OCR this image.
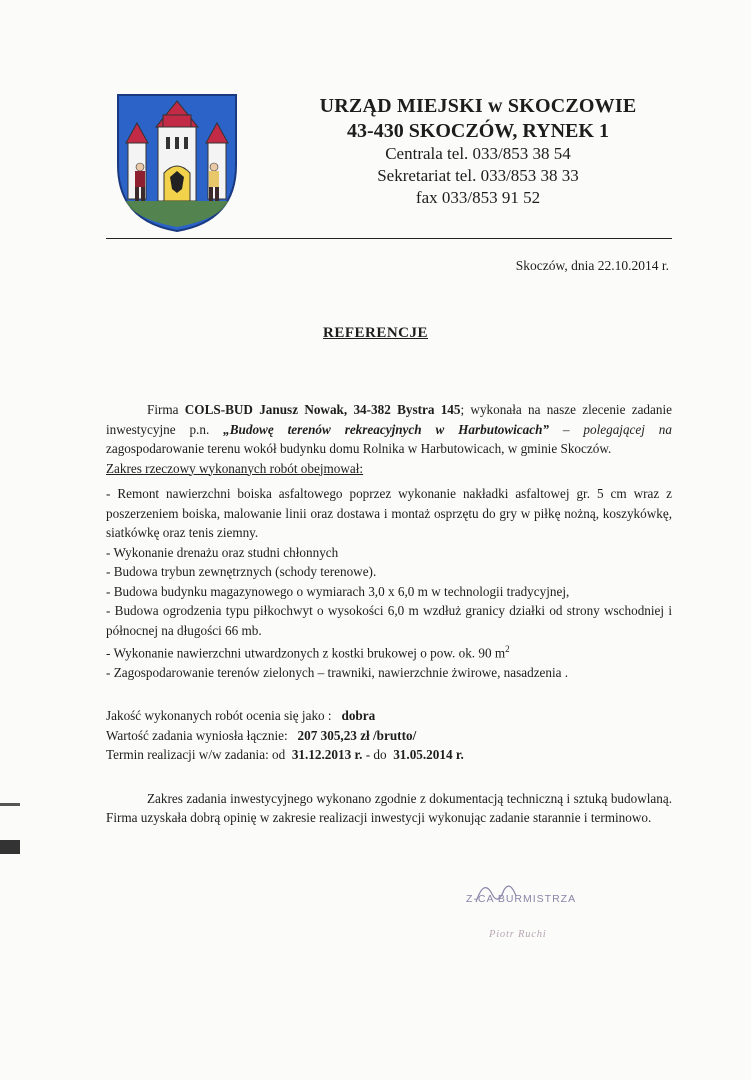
URZĄD MIEJSKI w SKOCZOWIE
43-430 SKOCZÓW, RYNEK 1
Centrala tel. 033/853 38 54
Sekretariat tel. 033/853 38 33
fax 033/853 91 52
Skoczów, dnia 22.10.2014 r.
REFERENCJE

Firma COLS-BUD Janusz Nowak, 34-382 Bystra 145; wykonała na nasze zlecenie zadanie inwestycyjne p.n. „Budowę terenów rekreacyjnych w Harbutowicach” – polegającej na zagospodarowanie terenu wokół budynku domu Rolnika w Harbutowicach, w gminie Skoczów.

Zakres rzeczowy wykonanych robót obejmował:

- Remont nawierzchni boiska asfaltowego poprzez wykonanie nakładki asfaltowej gr. 5 cm wraz z poszerzeniem boiska, malowanie linii oraz dostawa i montaż osprzętu do gry w piłkę nożną, koszykówkę, siatkówkę oraz tenis ziemny.

- Wykonanie drenażu oraz studni chłonnych

- Budowa trybun zewnętrznych (schody terenowe).

- Budowa budynku magazynowego o wymiarach 3,0 x 6,0 m w technologii tradycyjnej,

- Budowa ogrodzenia typu piłkochwyt o wysokości 6,0 m wzdłuż granicy działki od strony wschodniej i północnej na długości 66 mb.

- Wykonanie nawierzchni utwardzonych z kostki brukowej o pow. ok. 90 $m^2$

- Zagospodarowanie terenów zielonych – trawniki, nawierzchnie żwirowe, nasadzenia .

Jakość wykonanych robót ocenia się jako : dobra

Wartość zadania wyniosła łącznie: 207 305,23 zł /brutto/

Termin realizacji w/w zadania: od 31.12.2013 r. - do 31.05.2014 r.

Zakres zadania inwestycyjnego wykonano zgodnie z dokumentacją techniczną i sztuką budowlaną. Firma uzyskała dobrą opinię w zakresie realizacji inwestycji wykonując zadanie starannie i terminowo.

Z-CA BURMISTRZA
Piotr Ruchi
